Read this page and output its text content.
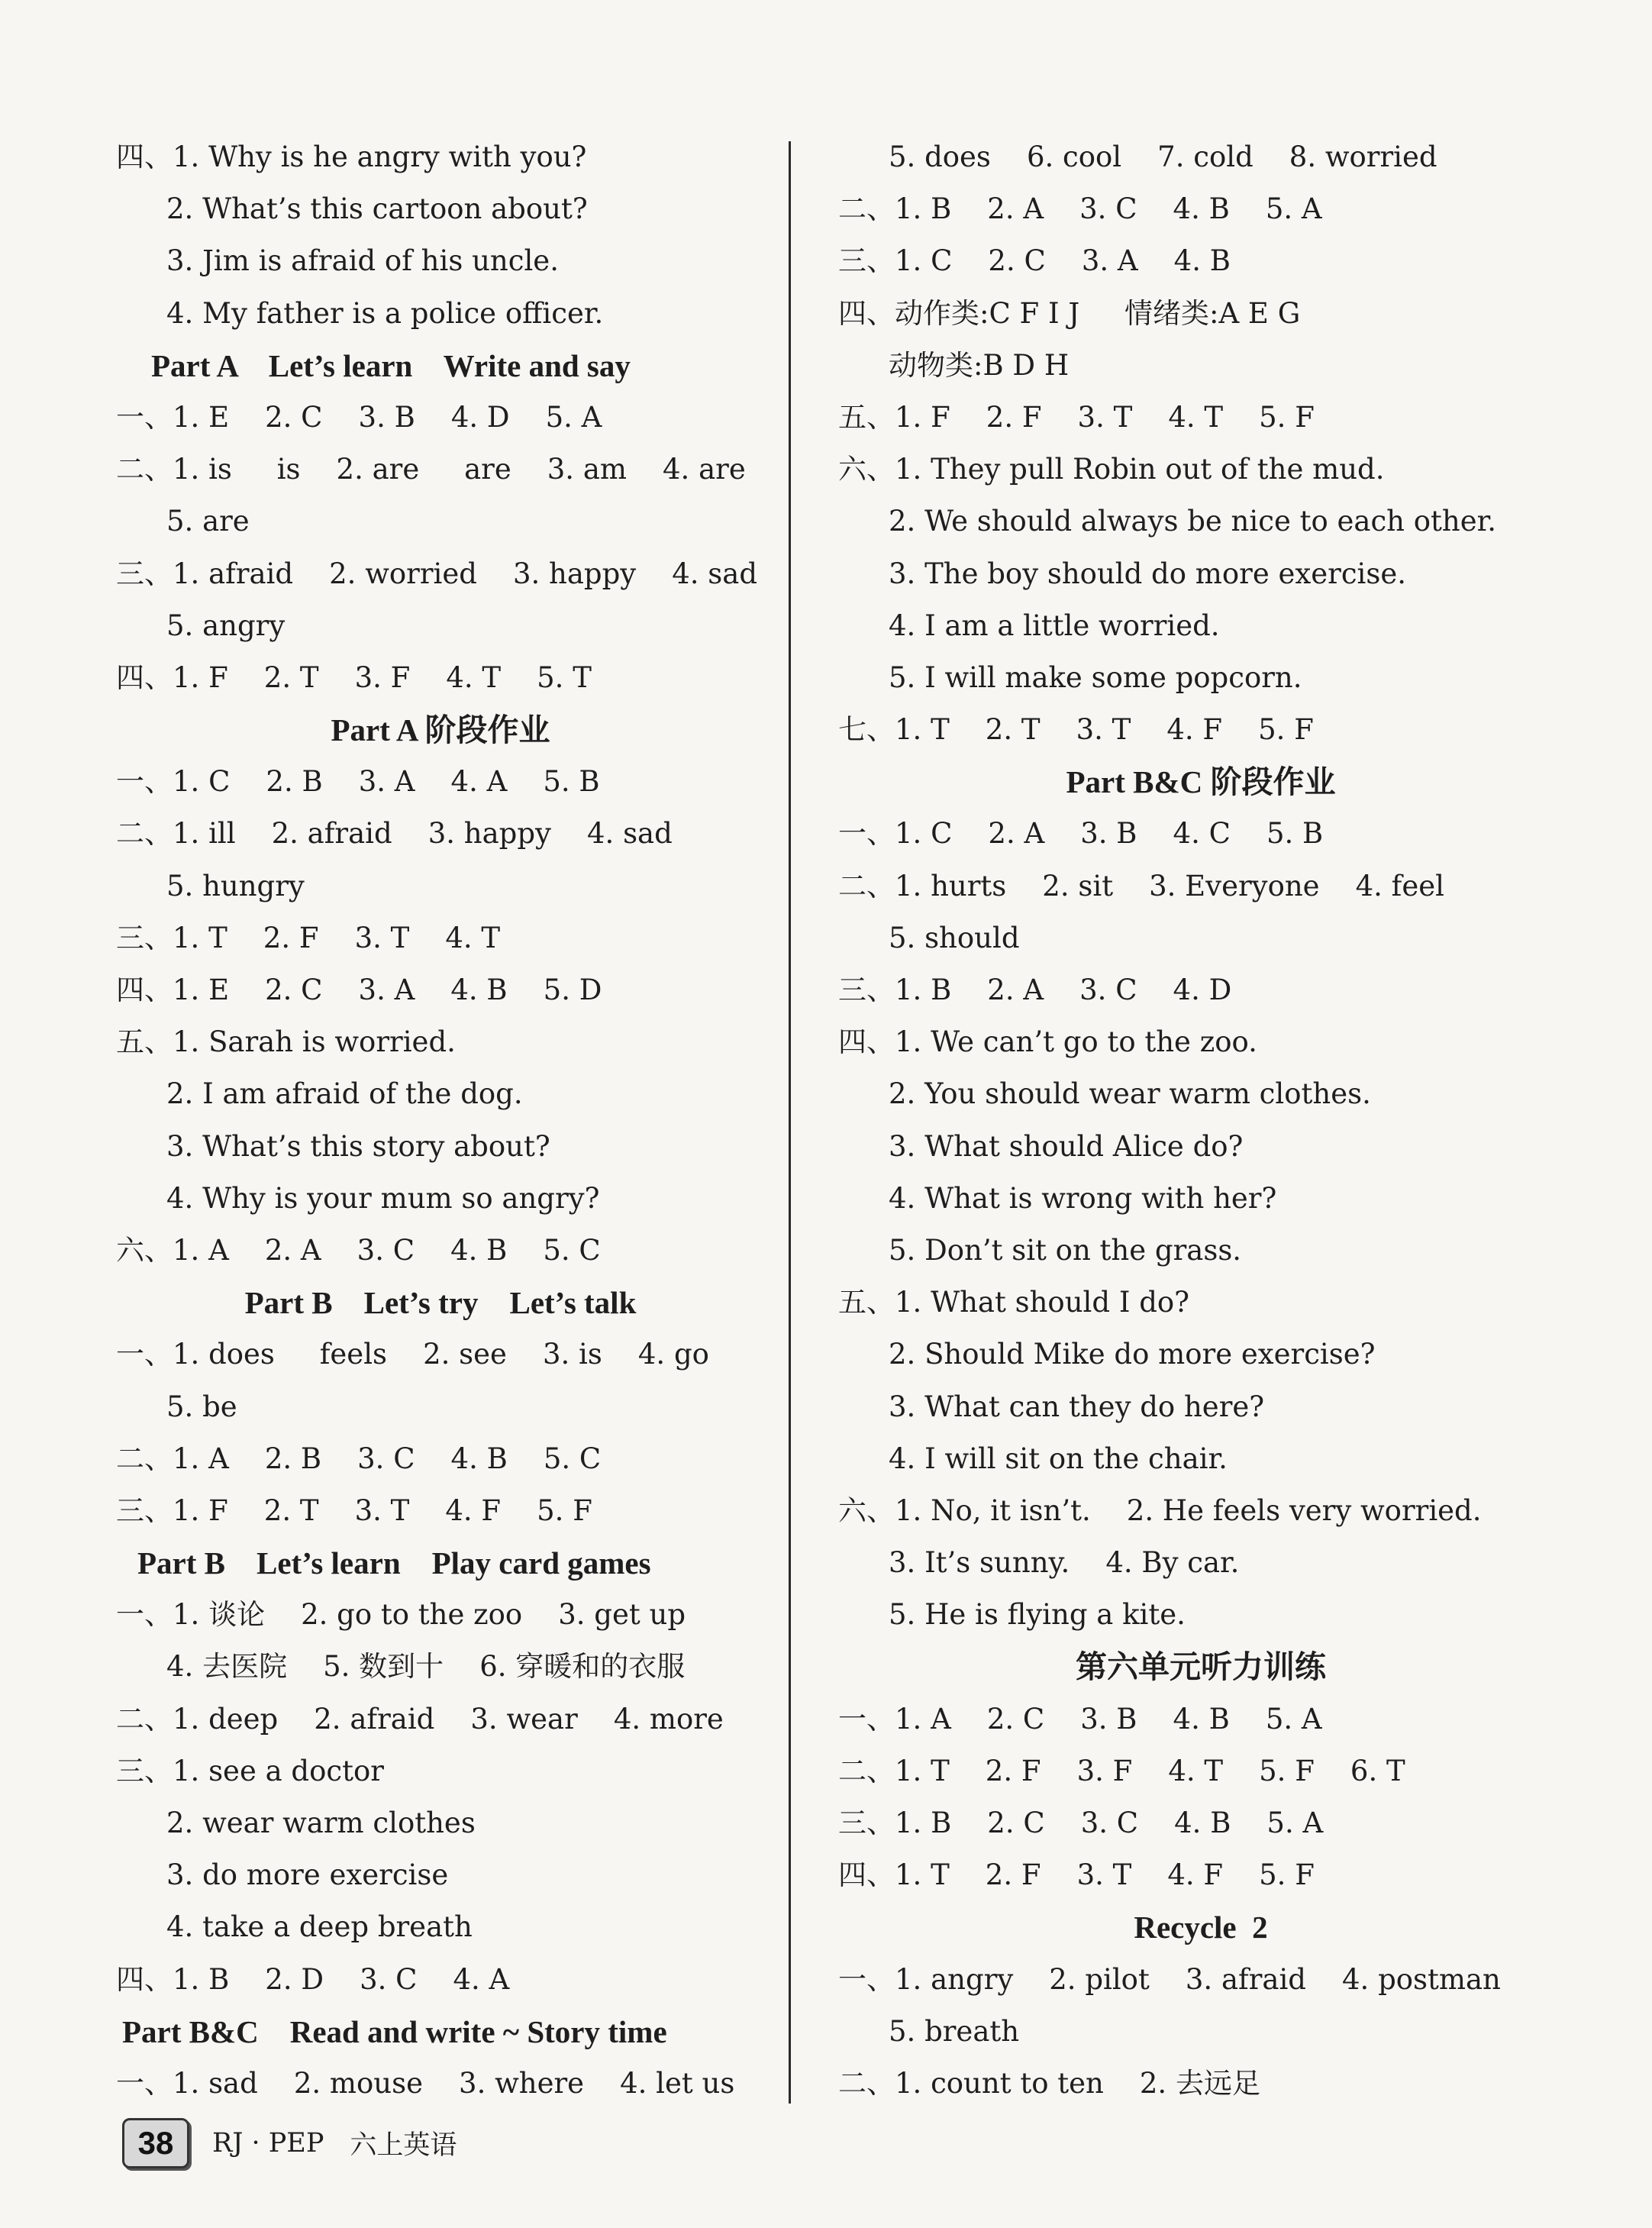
四、1. Why is he angry with you?
2. What’s this cartoon about?
3. Jim is afraid of his uncle.
4. My father is a police officer.
Part A    Let’s learn    Write and say
一、1. E    2. C    3. B    4. D    5. A
二、1. is     is    2. are     are    3. am    4. are
5. are
三、1. afraid    2. worried    3. happy    4. sad
5. angry
四、1. F    2. T    3. F    4. T    5. T
Part A 阶段作业
一、1. C    2. B    3. A    4. A    5. B
二、1. ill    2. afraid    3. happy    4. sad
5. hungry
三、1. T    2. F    3. T    4. T
四、1. E    2. C    3. A    4. B    5. D
五、1. Sarah is worried.
2. I am afraid of the dog.
3. What’s this story about?
4. Why is your mum so angry?
六、1. A    2. A    3. C    4. B    5. C
Part B    Let’s try    Let’s talk
一、1. does     feels    2. see    3. is    4. go
5. be
二、1. A    2. B    3. C    4. B    5. C
三、1. F    2. T    3. T    4. F    5. F
Part B    Let’s learn    Play card games
一、1. 谈论    2. go to the zoo    3. get up
4. 去医院    5. 数到十    6. 穿暖和的衣服
二、1. deep    2. afraid    3. wear    4. more
三、1. see a doctor
2. wear warm clothes
3. do more exercise
4. take a deep breath
四、1. B    2. D    3. C    4. A
Part B&C    Read and write ~ Story time
一、1. sad    2. mouse    3. where    4. let us
5. does    6. cool    7. cold    8. worried
二、1. B    2. A    3. C    4. B    5. A
三、1. C    2. C    3. A    4. B
四、动作类:C F I J     情绪类:A E G
动物类:B D H
五、1. F    2. F    3. T    4. T    5. F
六、1. They pull Robin out of the mud.
2. We should always be nice to each other.
3. The boy should do more exercise.
4. I am a little worried.
5. I will make some popcorn.
七、1. T    2. T    3. T    4. F    5. F
Part B&C 阶段作业
一、1. C    2. A    3. B    4. C    5. B
二、1. hurts    2. sit    3. Everyone    4. feel
5. should
三、1. B    2. A    3. C    4. D
四、1. We can’t go to the zoo.
2. You should wear warm clothes.
3. What should Alice do?
4. What is wrong with her?
5. Don’t sit on the grass.
五、1. What should I do?
2. Should Mike do more exercise?
3. What can they do here?
4. I will sit on the chair.
六、1. No, it isn’t.    2. He feels very worried.
3. It’s sunny.    4. By car.
5. He is flying a kite.
第六单元听力训练
一、1. A    2. C    3. B    4. B    5. A
二、1. T    2. F    3. F    4. T    5. F    6. T
三、1. B    2. C    3. C    4. B    5. A
四、1. T    2. F    3. T    4. F    5. F
Recycle  2
一、1. angry    2. pilot    3. afraid    4. postman
5. breath
二、1. count to ten    2. 去远足
38 RJ · PEP 六上英语
